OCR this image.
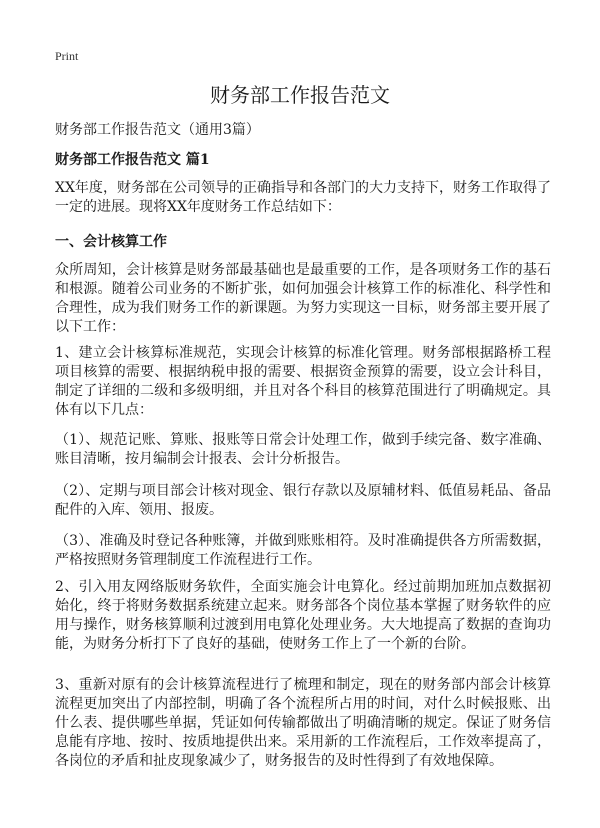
Print
财务部工作报告范文

财务部工作报告范文（通用3篇）

财务部工作报告范文 篇1

XX年度，财务部在公司领导的正确指导和各部门的大力支持下，财务工作取得了一定的进展。现将XX年度财务工作总结如下：

一、会计核算工作

众所周知，会计核算是财务部最基础也是最重要的工作，是各项财务工作的基石和根源。随着公司业务的不断扩张，如何加强会计核算工作的标准化、科学性和合理性，成为我们财务工作的新课题。为努力实现这一目标，财务部主要开展了以下工作：

1、建立会计核算标准规范，实现会计核算的标准化管理。财务部根据路桥工程项目核算的需要、根据纳税申报的需要、根据资金预算的需要，设立会计科目，制定了详细的二级和多级明细，并且对各个科目的核算范围进行了明确规定。具体有以下几点：

（1）、规范记账、算账、报账等日常会计处理工作，做到手续完备、数字准确、账目清晰，按月编制会计报表、会计分析报告。

（2）、定期与项目部会计核对现金、银行存款以及原辅材料、低值易耗品、备品配件的入库、领用、报废。

（3）、准确及时登记各种账簿，并做到账账相符。及时准确提供各方所需数据，严格按照财务管理制度工作流程进行工作。

2、引入用友网络版财务软件，全面实施会计电算化。经过前期加班加点数据初始化，终于将财务数据系统建立起来。财务部各个岗位基本掌握了财务软件的应用与操作，财务核算顺利过渡到用电算化处理业务。大大地提高了数据的查询功能，为财务分析打下了良好的基础，使财务工作上了一个新的台阶。

3、重新对原有的会计核算流程进行了梳理和制定，现在的财务部内部会计核算流程更加突出了内部控制，明确了各个流程所占用的时间，对什么时候报账、出什么表、提供哪些单据，凭证如何传输都做出了明确清晰的规定。保证了财务信息能有序地、按时、按质地提供出来。采用新的工作流程后，工作效率提高了，各岗位的矛盾和扯皮现象减少了，财务报告的及时性得到了有效地保障。
